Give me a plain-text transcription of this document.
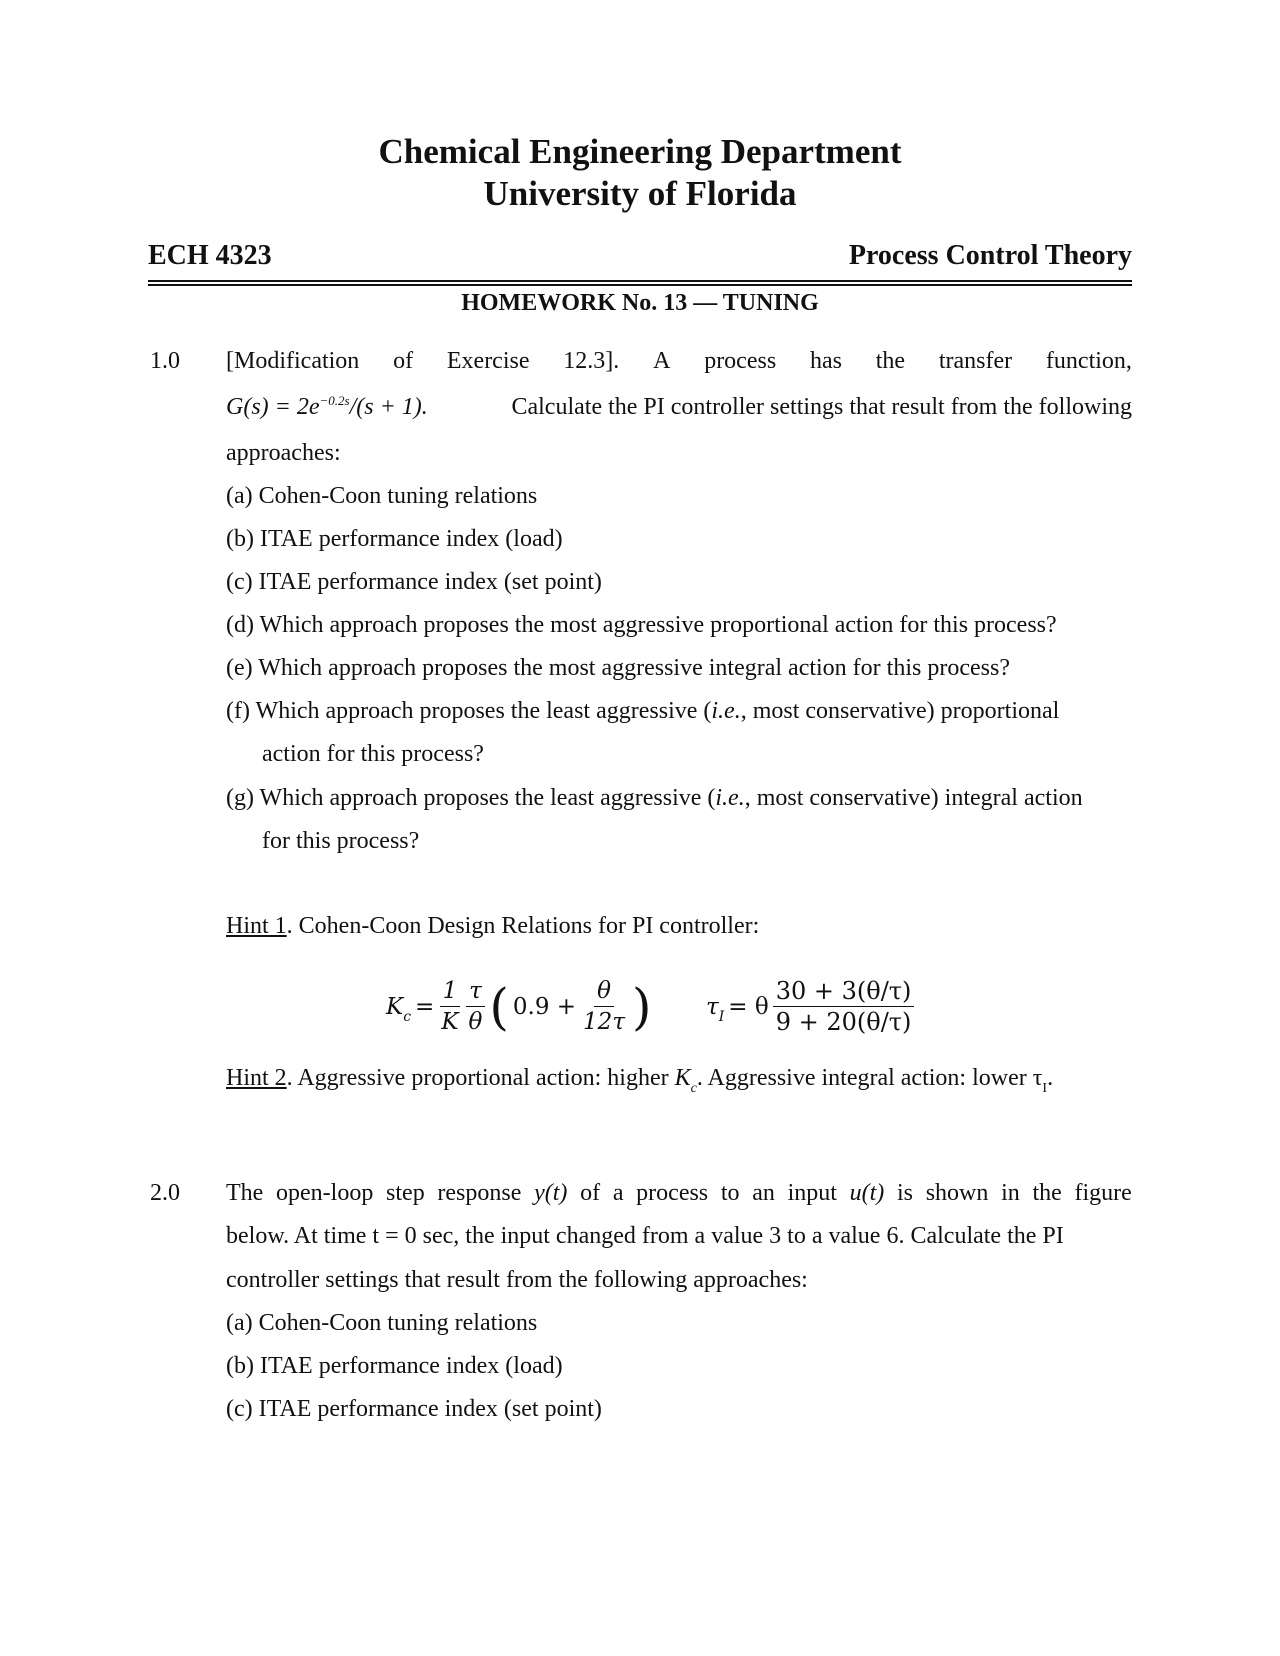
Chemical Engineering Department
University of Florida
ECH 4323	Process Control Theory
HOMEWORK No. 13 — TUNING
1.0 [Modification of Exercise 12.3]. A process has the transfer function,
$G(s) = 2e^{-0.2s}/(s + 1)$.	Calculate the PI controller settings that result from the following
approaches:
(a) Cohen-Coon tuning relations
(b) ITAE performance index (load)
(c) ITAE performance index (set point)
(d) Which approach proposes the most aggressive proportional action for this process?
(e) Which approach proposes the most aggressive integral action for this process?
(f) Which approach proposes the least aggressive (i.e., most conservative) proportional
action for this process?
(g) Which approach proposes the least aggressive (i.e., most conservative) integral action
for this process?
Hint 1. Cohen-Coon Design Relations for PI controller:
$K_c = \frac{1}{K} \frac{\tau}{\theta}$ ( $0.9 + \frac{\theta}{12\tau}$ ) $\tau_I = \theta \frac{30 + 3(\theta/\tau)}{9 + 20(\theta/\tau)}$
Hint 2. Aggressive proportional action: higher $K_c$. Aggressive integral action: lower $\tau_I$.
2.0 The open-loop step response y(t) of a process to an input u(t) is shown in the figure
below. At time t = 0 sec, the input changed from a value 3 to a value 6. Calculate the PI
controller settings that result from the following approaches:
(a) Cohen-Coon tuning relations
(b) ITAE performance index (load)
(c) ITAE performance index (set point)
